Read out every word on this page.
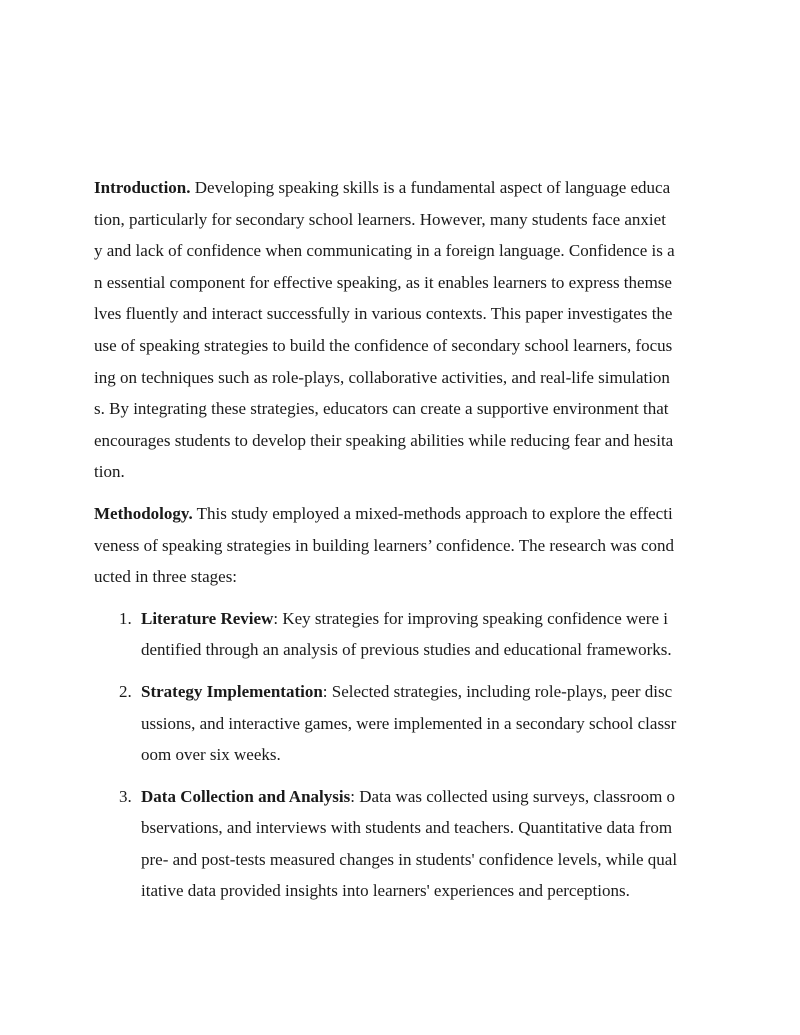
Introduction. Developing speaking skills is a fundamental aspect of language educa
tion, particularly for secondary school learners. However, many students face anxiet
y and lack of confidence when communicating in a foreign language. Confidence is a
n essential component for effective speaking, as it enables learners to express themse
lves fluently and interact successfully in various contexts. This paper investigates the
use of speaking strategies to build the confidence of secondary school learners, focus
ing on techniques such as role-plays, collaborative activities, and real-life simulation
s. By integrating these strategies, educators can create a supportive environment that
encourages students to develop their speaking abilities while reducing fear and hesita
tion.
Methodology. This study employed a mixed-methods approach to explore the effecti
veness of speaking strategies in building learners’ confidence. The research was cond
ucted in three stages:
1. Literature Review: Key strategies for improving speaking confidence were i
dentified through an analysis of previous studies and educational frameworks.
2. Strategy Implementation: Selected strategies, including role-plays, peer disc
ussions, and interactive games, were implemented in a secondary school classr
oom over six weeks.
3. Data Collection and Analysis: Data was collected using surveys, classroom o
bservations, and interviews with students and teachers. Quantitative data from
pre- and post-tests measured changes in students' confidence levels, while qual
itative data provided insights into learners' experiences and perceptions.
